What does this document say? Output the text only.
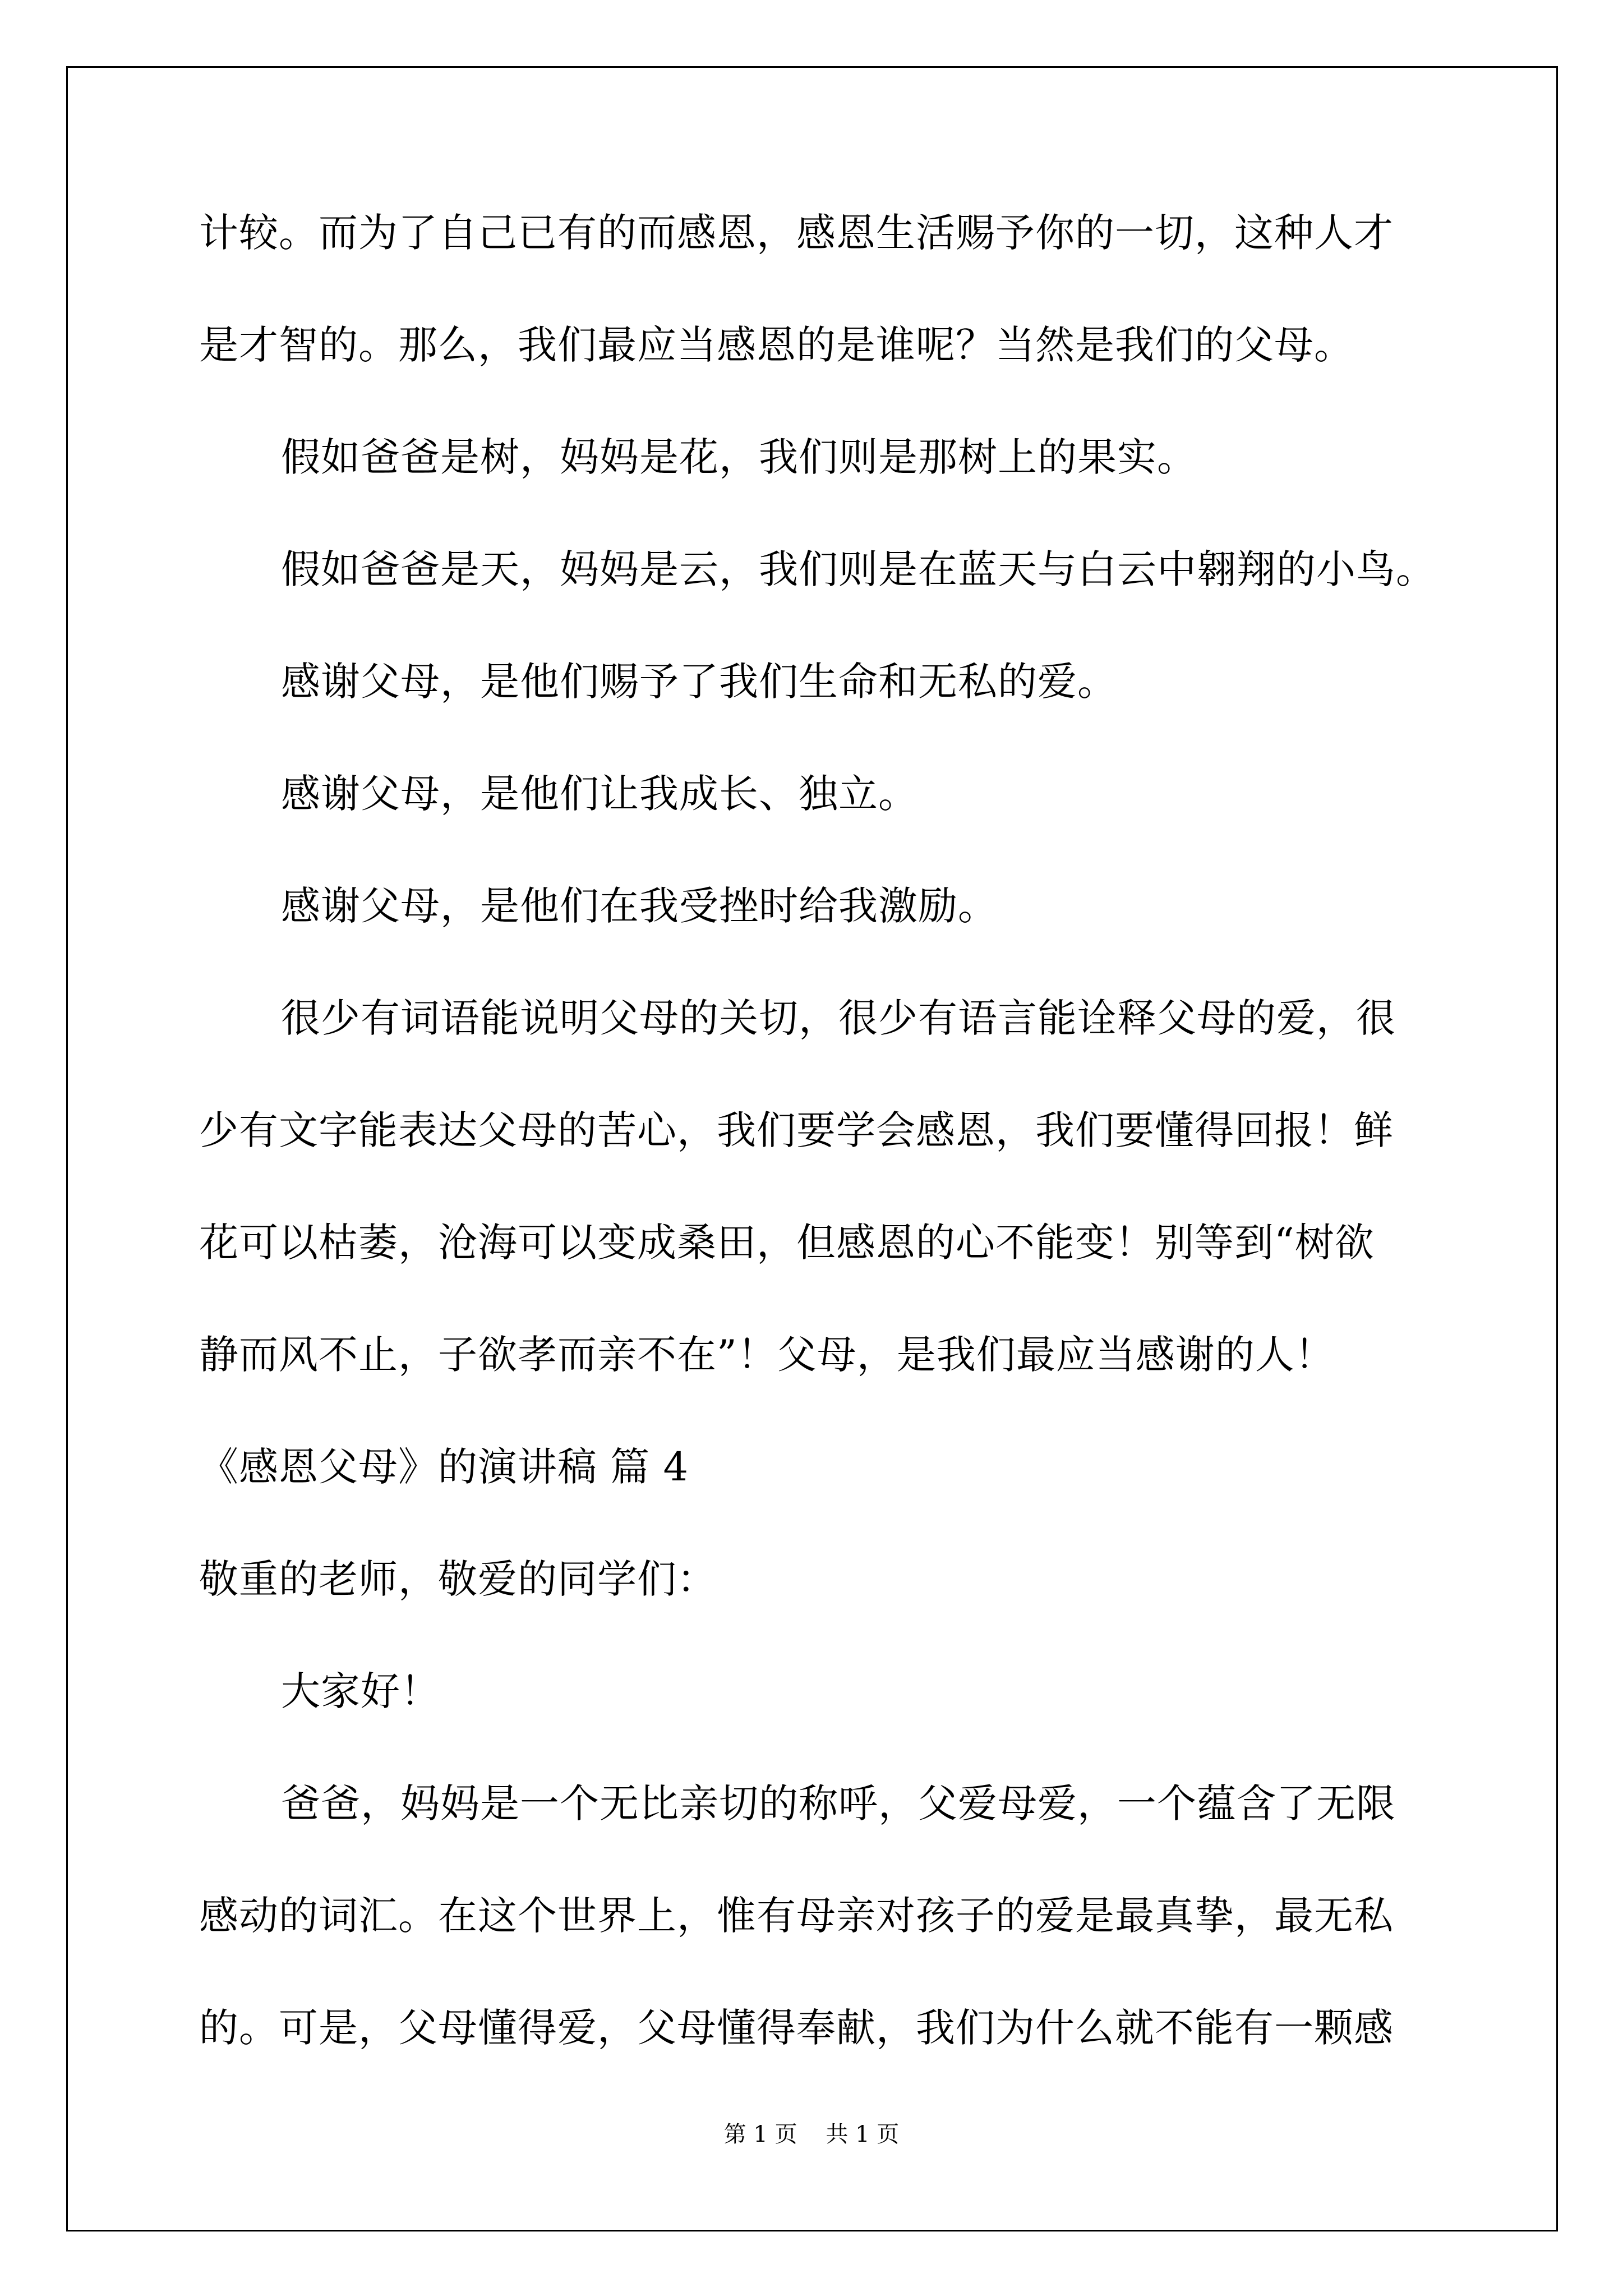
计较。而为了自己已有的而感恩，感恩生活赐予你的一切，这种人才
是才智的。那么，我们最应当感恩的是谁呢？当然是我们的父母。
假如爸爸是树，妈妈是花，我们则是那树上的果实。
假如爸爸是天，妈妈是云，我们则是在蓝天与白云中翱翔的小鸟。
感谢父母，是他们赐予了我们生命和无私的爱。
感谢父母，是他们让我成长、独立。
感谢父母，是他们在我受挫时给我激励。
很少有词语能说明父母的关切，很少有语言能诠释父母的爱，很
少有文字能表达父母的苦心，我们要学会感恩，我们要懂得回报！鲜
花可以枯萎，沧海可以变成桑田，但感恩的心不能变！别等到“树欲
静而风不止，子欲孝而亲不在”！父母，是我们最应当感谢的人！
《感恩父母》的演讲稿 篇 4
敬重的老师，敬爱的同学们：
大家好！
爸爸，妈妈是一个无比亲切的称呼，父爱母爱，一个蕴含了无限
感动的词汇。在这个世界上，惟有母亲对孩子的爱是最真挚，最无私
的。可是，父母懂得爱，父母懂得奉献，我们为什么就不能有一颗感
第 1 页    共 1 页
